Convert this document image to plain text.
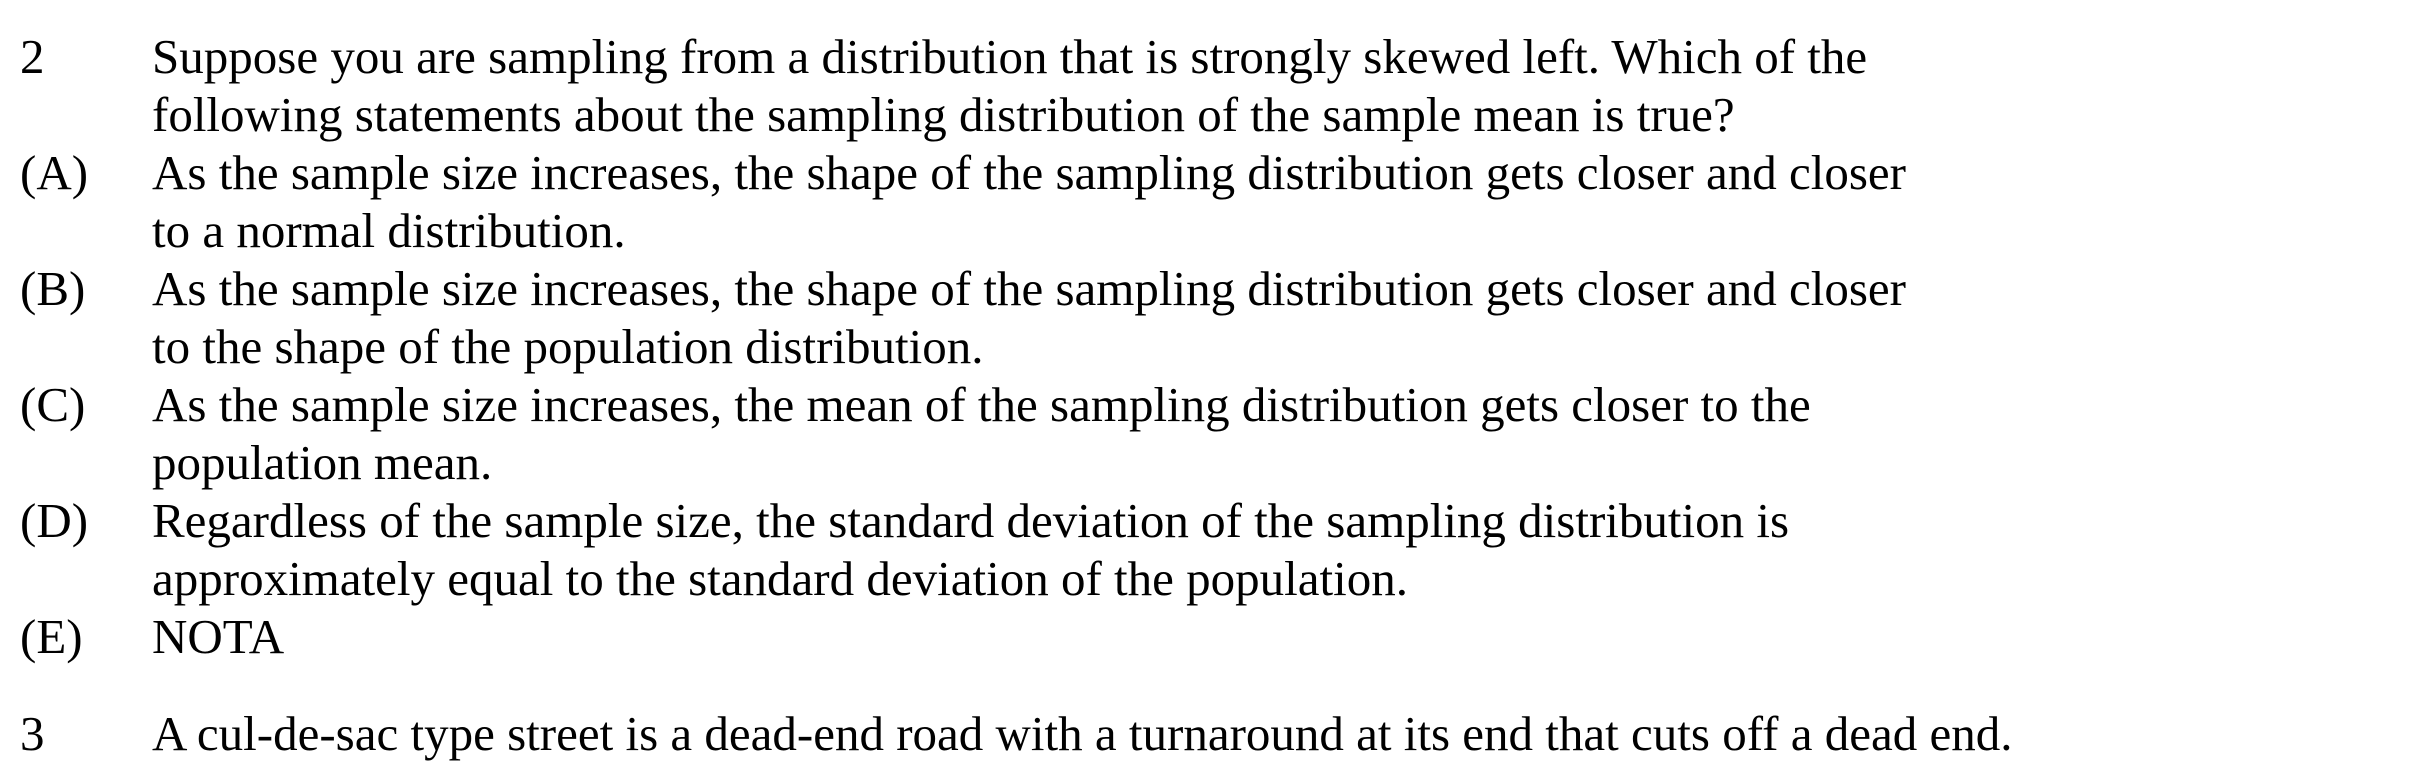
2	Suppose you are sampling from a distribution that is strongly skewed left. Which of the
following statements about the sampling distribution of the sample mean is true?
(A)	As the sample size increases, the shape of the sampling distribution gets closer and closer
to a normal distribution.
(B)	As the sample size increases, the shape of the sampling distribution gets closer and closer
to the shape of the population distribution.
(C)	As the sample size increases, the mean of the sampling distribution gets closer to the
population mean.
(D)	Regardless of the sample size, the standard deviation of the sampling distribution is
approximately equal to the standard deviation of the population.
(E)	NOTA
3	A cul-de-sac type street is a dead-end road with a turnaround at its end that cuts off a dead end.
